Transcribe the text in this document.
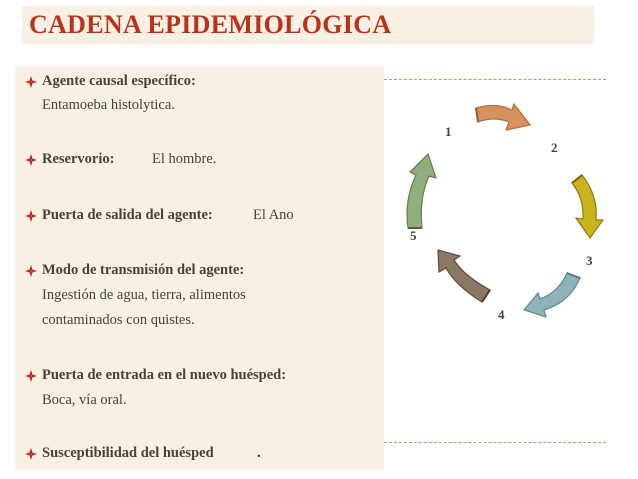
CADENA EPIDEMIOLÓGICA
Agente causal específico:
Entamoeba histolytica.
Reservorio:	El hombre.
Puerta de salida del agente:	El Ano
Modo de transmisión del agente:
Ingestión de agua, tierra, alimentos
contaminados con quistes.
Puerta de entrada en el nuevo huésped:
Boca, vía oral.
Susceptibilidad del huésped	.
1
2
3
4
5
